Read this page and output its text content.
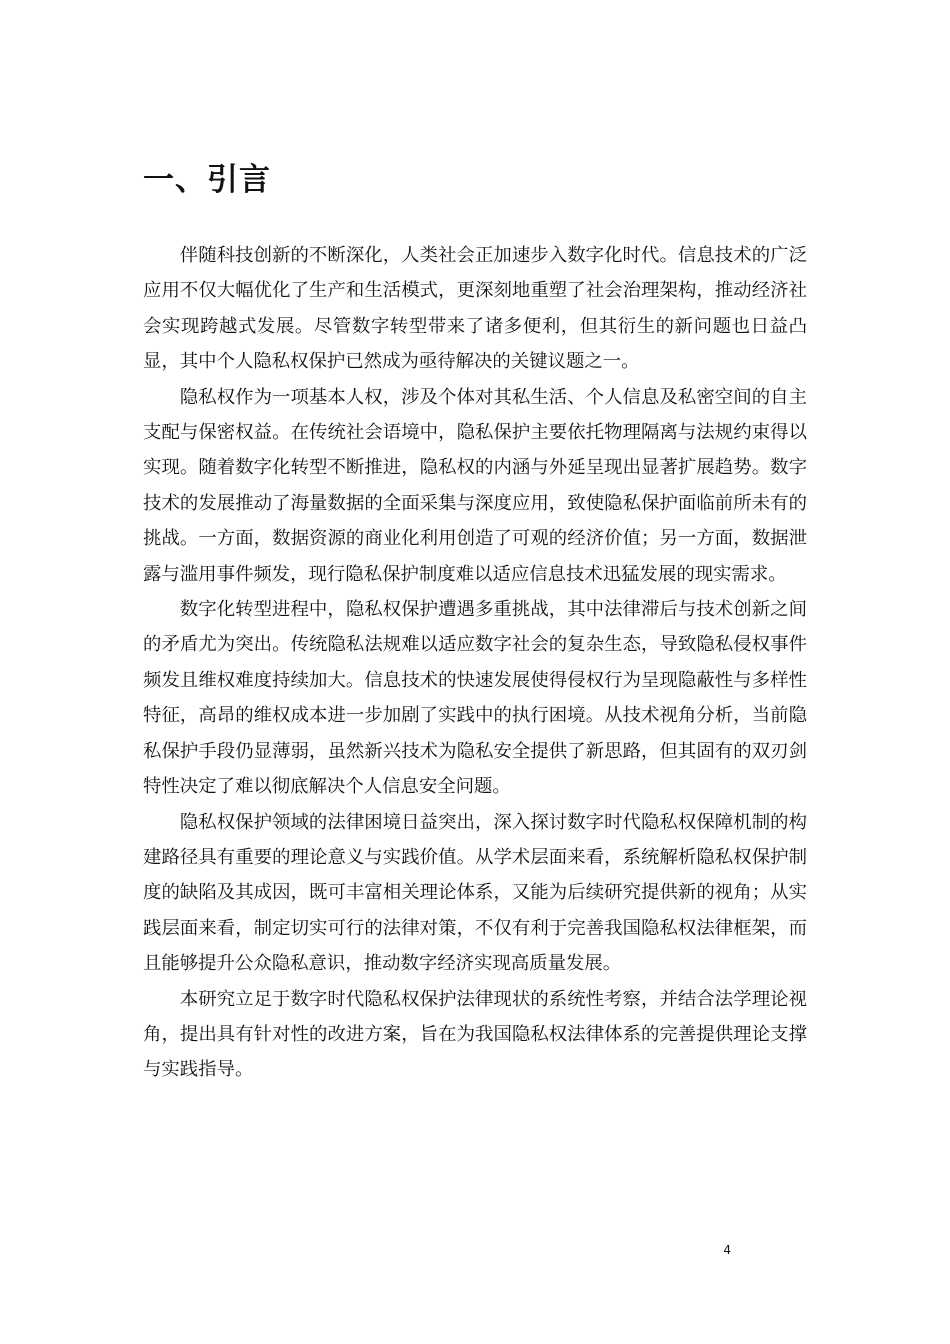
一、引言

伴随科技创新的不断深化，人类社会正加速步入数字化时代。信息技术的广泛应用不仅大幅优化了生产和生活模式，更深刻地重塑了社会治理架构，推动经济社会实现跨越式发展。尽管数字转型带来了诸多便利，但其衍生的新问题也日益凸显，其中个人隐私权保护已然成为亟待解决的关键议题之一。

隐私权作为一项基本人权，涉及个体对其私生活、个人信息及私密空间的自主支配与保密权益。在传统社会语境中，隐私保护主要依托物理隔离与法规约束得以实现。随着数字化转型不断推进，隐私权的内涵与外延呈现出显著扩展趋势。数字技术的发展推动了海量数据的全面采集与深度应用，致使隐私保护面临前所未有的挑战。一方面，数据资源的商业化利用创造了可观的经济价值；另一方面，数据泄露与滥用事件频发，现行隐私保护制度难以适应信息技术迅猛发展的现实需求。

数字化转型进程中，隐私权保护遭遇多重挑战，其中法律滞后与技术创新之间的矛盾尤为突出。传统隐私法规难以适应数字社会的复杂生态，导致隐私侵权事件频发且维权难度持续加大。信息技术的快速发展使得侵权行为呈现隐蔽性与多样性特征，高昂的维权成本进一步加剧了实践中的执行困境。从技术视角分析，当前隐私保护手段仍显薄弱，虽然新兴技术为隐私安全提供了新思路，但其固有的双刃剑特性决定了难以彻底解决个人信息安全问题。

隐私权保护领域的法律困境日益突出，深入探讨数字时代隐私权保障机制的构建路径具有重要的理论意义与实践价值。从学术层面来看，系统解析隐私权保护制度的缺陷及其成因，既可丰富相关理论体系，又能为后续研究提供新的视角；从实践层面来看，制定切实可行的法律对策，不仅有利于完善我国隐私权法律框架，而且能够提升公众隐私意识，推动数字经济实现高质量发展。

本研究立足于数字时代隐私权保护法律现状的系统性考察，并结合法学理论视角，提出具有针对性的改进方案，旨在为我国隐私权法律体系的完善提供理论支撑与实践指导。

4
